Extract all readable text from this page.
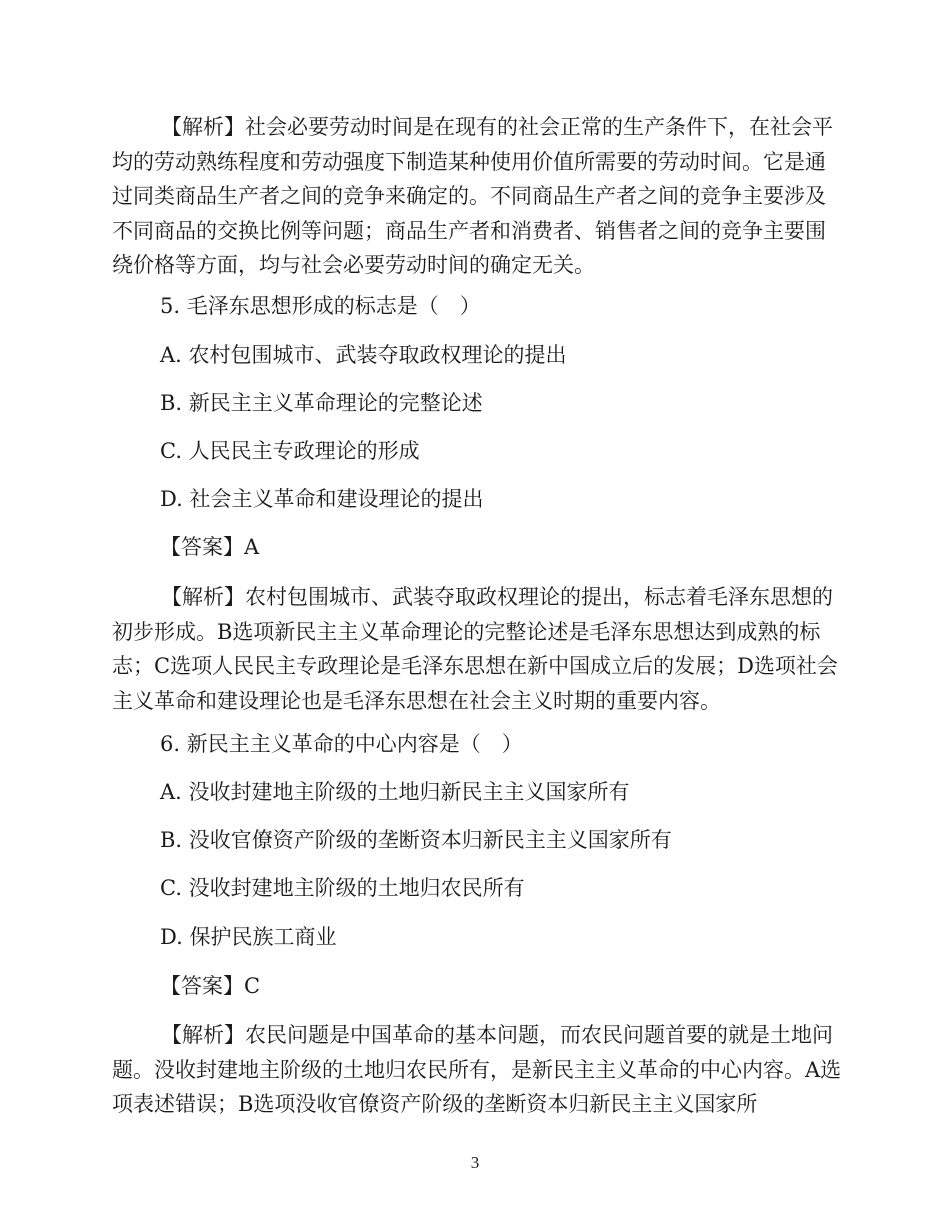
【解析】社会必要劳动时间是在现有的社会正常的生产条件下，在社会平均的劳动熟练程度和劳动强度下制造某种使用价值所需要的劳动时间。它是通过同类商品生产者之间的竞争来确定的。不同商品生产者之间的竞争主要涉及不同商品的交换比例等问题；商品生产者和消费者、销售者之间的竞争主要围绕价格等方面，均与社会必要劳动时间的确定无关。
5. 毛泽东思想形成的标志是（　）
A. 农村包围城市、武装夺取政权理论的提出
B. 新民主主义革命理论的完整论述
C. 人民民主专政理论的形成
D. 社会主义革命和建设理论的提出
【答案】A
【解析】农村包围城市、武装夺取政权理论的提出，标志着毛泽东思想的初步形成。B选项新民主主义革命理论的完整论述是毛泽东思想达到成熟的标志；C选项人民民主专政理论是毛泽东思想在新中国成立后的发展；D选项社会主义革命和建设理论也是毛泽东思想在社会主义时期的重要内容。
6. 新民主主义革命的中心内容是（　）
A. 没收封建地主阶级的土地归新民主主义国家所有
B. 没收官僚资产阶级的垄断资本归新民主主义国家所有
C. 没收封建地主阶级的土地归农民所有
D. 保护民族工商业
【答案】C
【解析】农民问题是中国革命的基本问题，而农民问题首要的就是土地问题。没收封建地主阶级的土地归农民所有，是新民主主义革命的中心内容。A选项表述错误；B选项没收官僚资产阶级的垄断资本归新民主主义国家所
3
